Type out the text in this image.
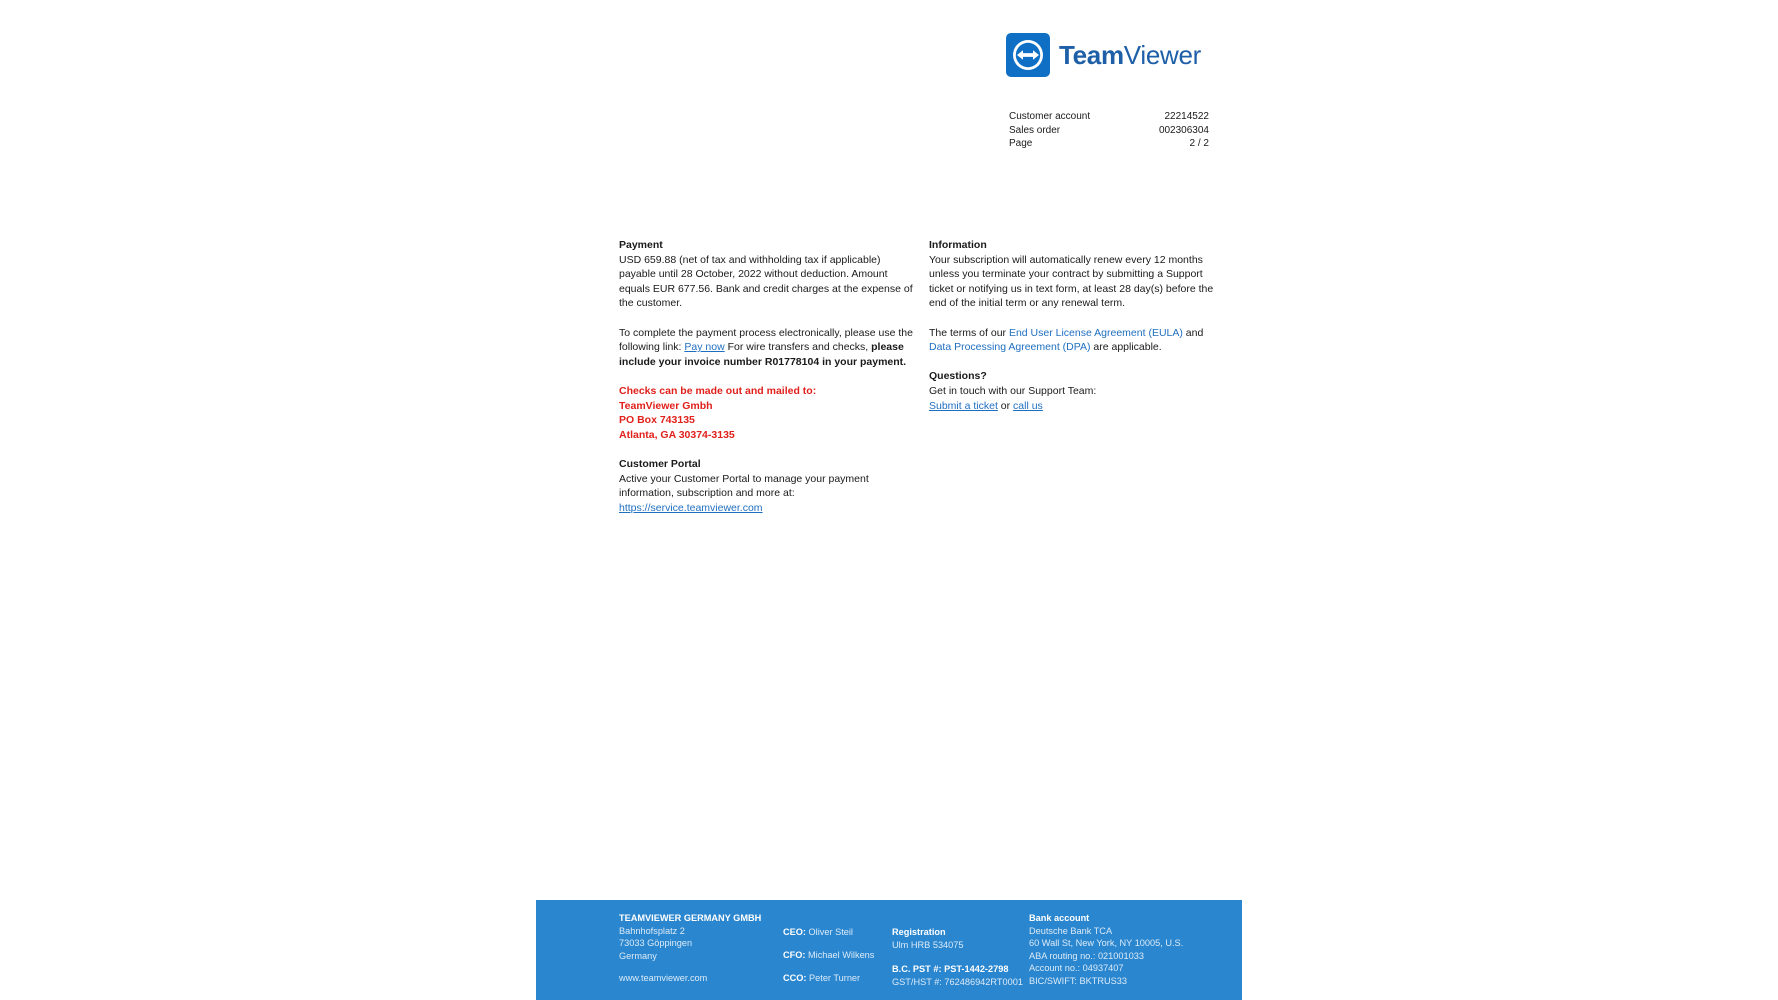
TeamViewer
Customer account	22214522
Sales order	002306304
Page	2 / 2
Payment

USD 659.88 (net of tax and withholding tax if applicable) payable until 28 October, 2022 without deduction. Amount equals EUR 677.56. Bank and credit charges at the expense of the customer.

To complete the payment process electronically, please use the following link: Pay now For wire transfers and checks, please include your invoice number R01778104 in your payment.

Checks can be made out and mailed to:

TeamViewer Gmbh

PO Box 743135

Atlanta, GA 30374-3135

Customer Portal

Active your Customer Portal to manage your payment information, subscription and more at:

https://service.teamviewer.com

Information

Your subscription will automatically renew every 12 months unless you terminate your contract by submitting a Support ticket or notifying us in text form, at least 28 day(s) before the end of the initial term or any renewal term.

The terms of our End User License Agreement (EULA) and Data Processing Agreement (DPA) are applicable.

Questions?

Get in touch with our Support Team:

Submit a ticket or call us

TEAMVIEWER GERMANY GMBH
Bahnhofsplatz 2
73033 Göppingen
Germany
www.teamviewer.com
CEO: Oliver Steil
CFO: Michael Wilkens
CCO: Peter Turner
Registration
Ulm HRB 534075
B.C. PST #: PST-1442-2798
GST/HST #: 762486942RT0001
Bank account
Deutsche Bank TCA
60 Wall St, New York, NY 10005, U.S.
ABA routing no.: 021001033
Account no.: 04937407
BIC/SWIFT: BKTRUS33
